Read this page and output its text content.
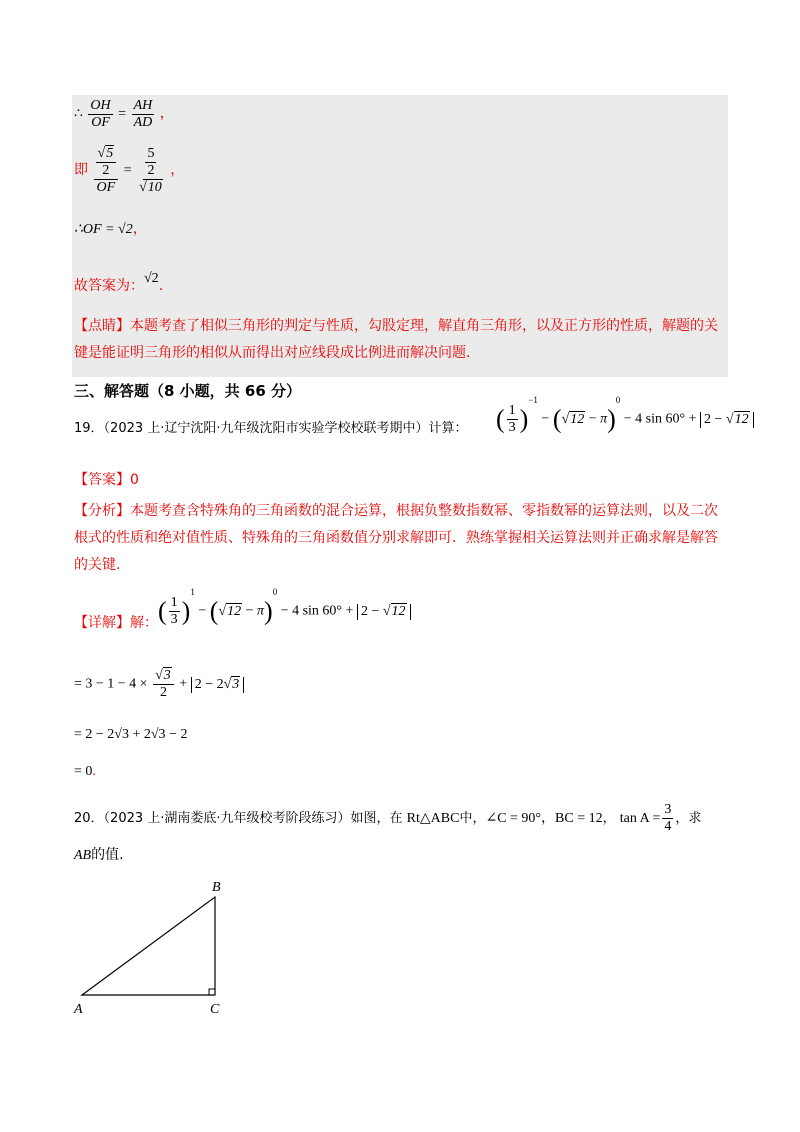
∴ $\frac{OH}{OF} = \frac{AH}{AD}$ ，
即 $\frac{\frac{√5}{2}}{OF} = \frac{\frac{5}{2}}{√10}$ ，
∴OF = √2，
故答案为：√2.
【点睛】本题考查了相似三角形的判定与性质，勾股定理，解直角三角形，以及正方形的性质，解题的关键是能证明三角形的相似从而得出对应线段成比例进而解决问题.
三、解答题（8 小题，共 66 分）
19．（2023 上·辽宁沈阳·九年级沈阳市实验学校校联考期中）计算： ( $\frac{1}{3} )^{-1} - (√12 - \pi)^0 - 4$ sin 60° + 2 − √12
【答案】0
【分析】本题考查含特殊角的三角函数的混合运算，根据负整数指数幂、零指数幂的运算法则，以及二次根式的性质和绝对值性质、特殊角的三角函数值分别求解即可．熟练掌握相关运算法则并正确求解是解答的关键.
【详解】解： ( $\frac{1}{3} )^1 - (√12 - \pi)^0 - 4$ sin 60° + 2 − √12
= $3 - 1 - 4 \times \frac{√3}{2} + 2 - 2√3$
= 2 − 2√3 + 2√3 − 2
= 0.
20．（2023 上·湖南娄底·九年级校考阶段练习）如图，在 Rt△ABC中，∠C = 90°，BC = 12， $\tan A = \frac{3}{4}$ ，求
AB的值.
A
B
C
